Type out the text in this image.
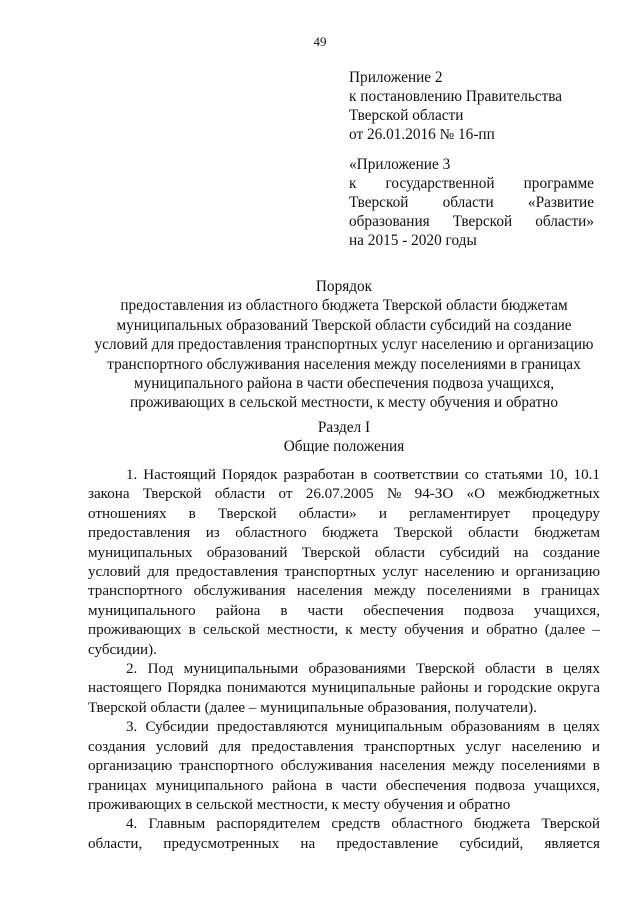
49
Приложение 2
к постановлению Правительства
Тверской области
от 26.01.2016 № 16-пп
«Приложение 3
к государственной программе
Тверской области «Развитие
образования Тверской области»
на 2015 - 2020 годы
Порядок
предоставления из областного бюджета Тверской области бюджетам
муниципальных образований Тверской области субсидий на создание
условий для предоставления транспортных услуг населению и организацию
транспортного обслуживания населения между поселениями в границах
муниципального района в части обеспечения подвоза учащихся,
проживающих в сельской местности, к месту обучения и обратно
Раздел I
Общие положения
1. Настоящий Порядок разработан в соответствии со статьями 10, 10.1
закона Тверской области от 26.07.2005 № 94-ЗО «О межбюджетных
отношениях в Тверской области» и регламентирует процедуру
предоставления из областного бюджета Тверской области бюджетам
муниципальных образований Тверской области субсидий на создание
условий для предоставления транспортных услуг населению и организацию
транспортного обслуживания населения между поселениями в границах
муниципального района в части обеспечения подвоза учащихся,
проживающих в сельской местности, к месту обучения и обратно (далее –
субсидии).
2. Под муниципальными образованиями Тверской области в целях
настоящего Порядка понимаются муниципальные районы и городские округа
Тверской области (далее – муниципальные образования, получатели).
3. Субсидии предоставляются муниципальным образованиям в целях
создания условий для предоставления транспортных услуг населению и
организацию транспортного обслуживания населения между поселениями в
границах муниципального района в части обеспечения подвоза учащихся,
проживающих в сельской местности, к месту обучения и обратно
4. Главным распорядителем средств областного бюджета Тверской
области, предусмотренных на предоставление субсидий, является
